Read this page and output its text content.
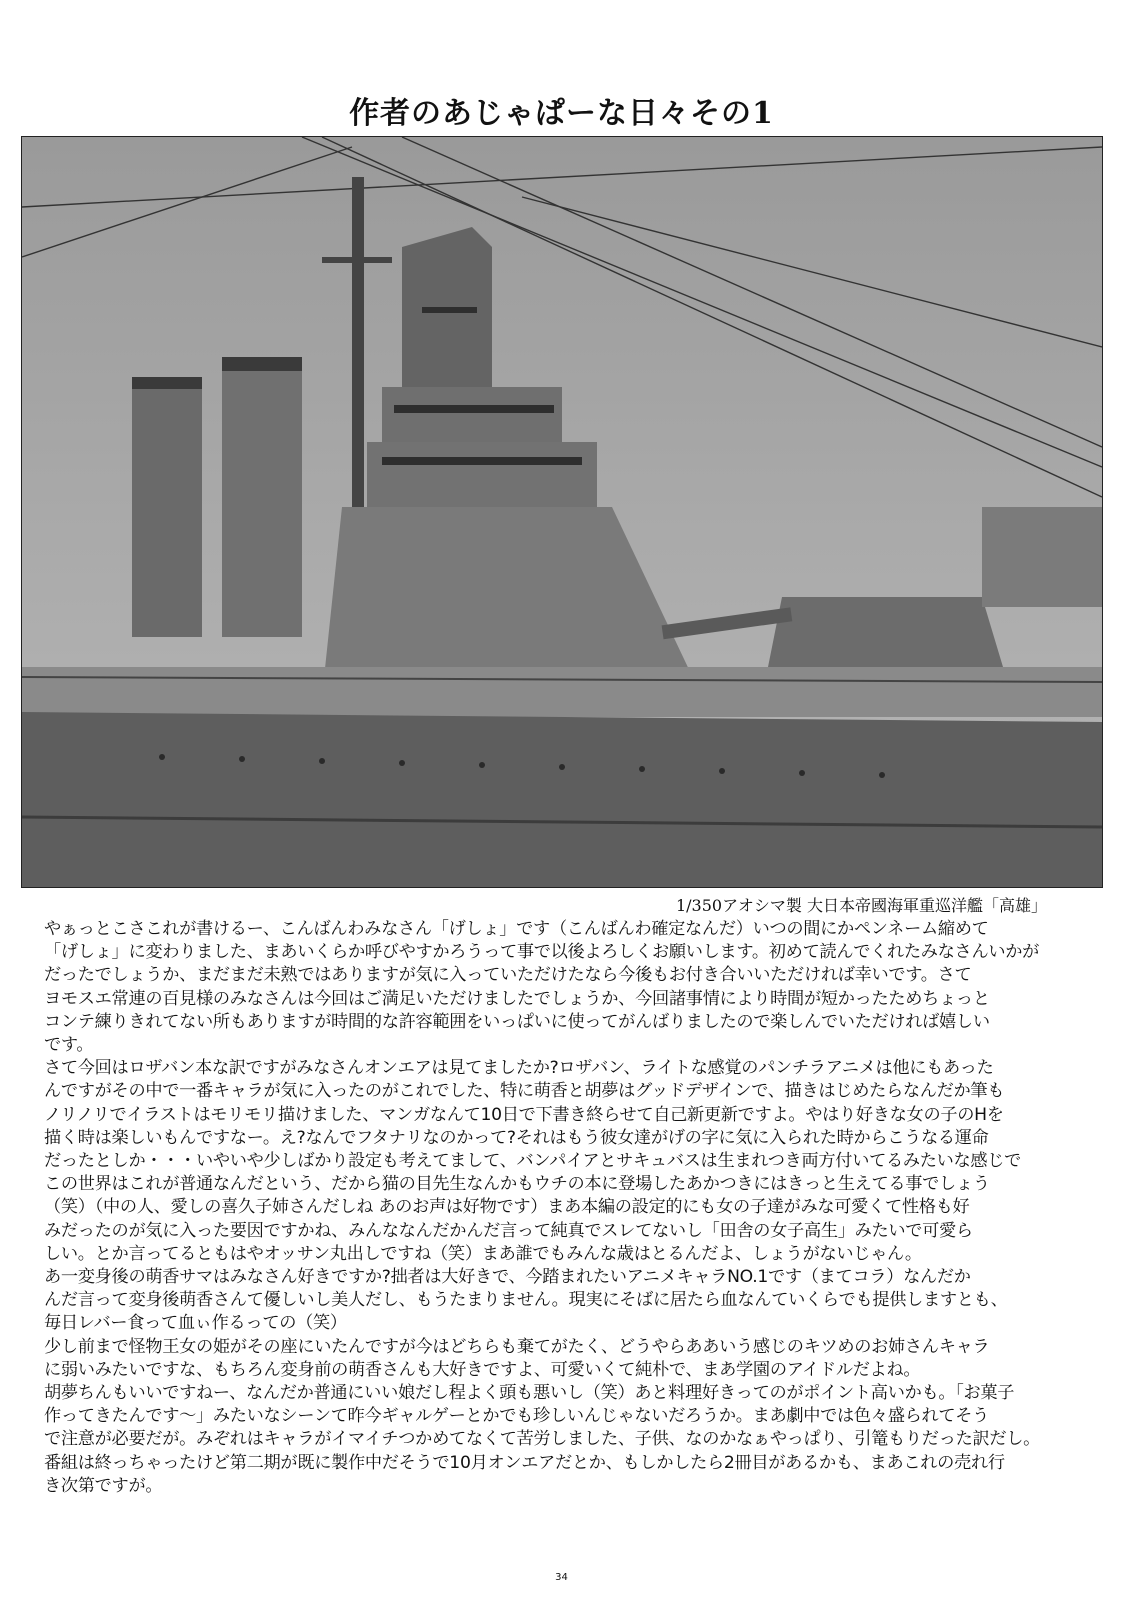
作者のあじゃぱーな日々その1

1/350アオシマ製 大日本帝國海軍重巡洋艦「高雄」

やぁっとこさこれが書けるー、こんばんわみなさん「げしょ」です（こんばんわ確定なんだ）いつの間にかペンネーム縮めて

「げしょ」に変わりました、まあいくらか呼びやすかろうって事で以後よろしくお願いします。初めて読んでくれたみなさんいかが

だったでしょうか、まだまだ未熟ではありますが気に入っていただけたなら今後もお付き合いいただければ幸いです。さて

ヨモスエ常連の百見様のみなさんは今回はご満足いただけましたでしょうか、今回諸事情により時間が短かったためちょっと

コンテ練りきれてない所もありますが時間的な許容範囲をいっぱいに使ってがんばりましたので楽しんでいただければ嬉しい

です。

さて今回はロザバン本な訳ですがみなさんオンエアは見てましたか?ロザバン、ライトな感覚のパンチラアニメは他にもあった

んですがその中で一番キャラが気に入ったのがこれでした、特に萌香と胡夢はグッドデザインで、描きはじめたらなんだか筆も

ノリノリでイラストはモリモリ描けました、マンガなんて10日で下書き終らせて自己新更新ですよ。やはり好きな女の子のHを

描く時は楽しいもんですなー。え?なんでフタナリなのかって?それはもう彼女達がげの字に気に入られた時からこうなる運命

だったとしか・・・いやいや少しばかり設定も考えてまして、バンパイアとサキュバスは生まれつき両方付いてるみたいな感じで

この世界はこれが普通なんだという、だから猫の目先生なんかもウチの本に登場したあかつきにはきっと生えてる事でしょう

（笑）（中の人、愛しの喜久子姉さんだしね あのお声は好物です）まあ本編の設定的にも女の子達がみな可愛くて性格も好

みだったのが気に入った要因ですかね、みんななんだかんだ言って純真でスレてないし「田舎の女子高生」みたいで可愛ら

しい。とか言ってるともはやオッサン丸出しですね（笑）まあ誰でもみんな歳はとるんだよ、しょうがないじゃん。

あ一変身後の萌香サマはみなさん好きですか?拙者は大好きで、今踏まれたいアニメキャラNO.1です（まてコラ）なんだか

んだ言って変身後萌香さんて優しいし美人だし、もうたまりません。現実にそばに居たら血なんていくらでも提供しますとも、

毎日レバー食って血ぃ作るっての（笑）

少し前まで怪物王女の姫がその座にいたんですが今はどちらも棄てがたく、どうやらああいう感じのキツめのお姉さんキャラ

に弱いみたいですな、もちろん変身前の萌香さんも大好きですよ、可愛いくて純朴で、まあ学園のアイドルだよね。

胡夢ちんもいいですねー、なんだか普通にいい娘だし程よく頭も悪いし（笑）あと料理好きってのがポイント高いかも。「お菓子

作ってきたんです〜」みたいなシーンて昨今ギャルゲーとかでも珍しいんじゃないだろうか。まあ劇中では色々盛られてそう

で注意が必要だが。みぞれはキャラがイマイチつかめてなくて苦労しました、子供、なのかなぁやっぱり、引篭もりだった訳だし。

番組は終っちゃったけど第二期が既に製作中だそうで10月オンエアだとか、もしかしたら2冊目があるかも、まあこれの売れ行

き次第ですが。

34
